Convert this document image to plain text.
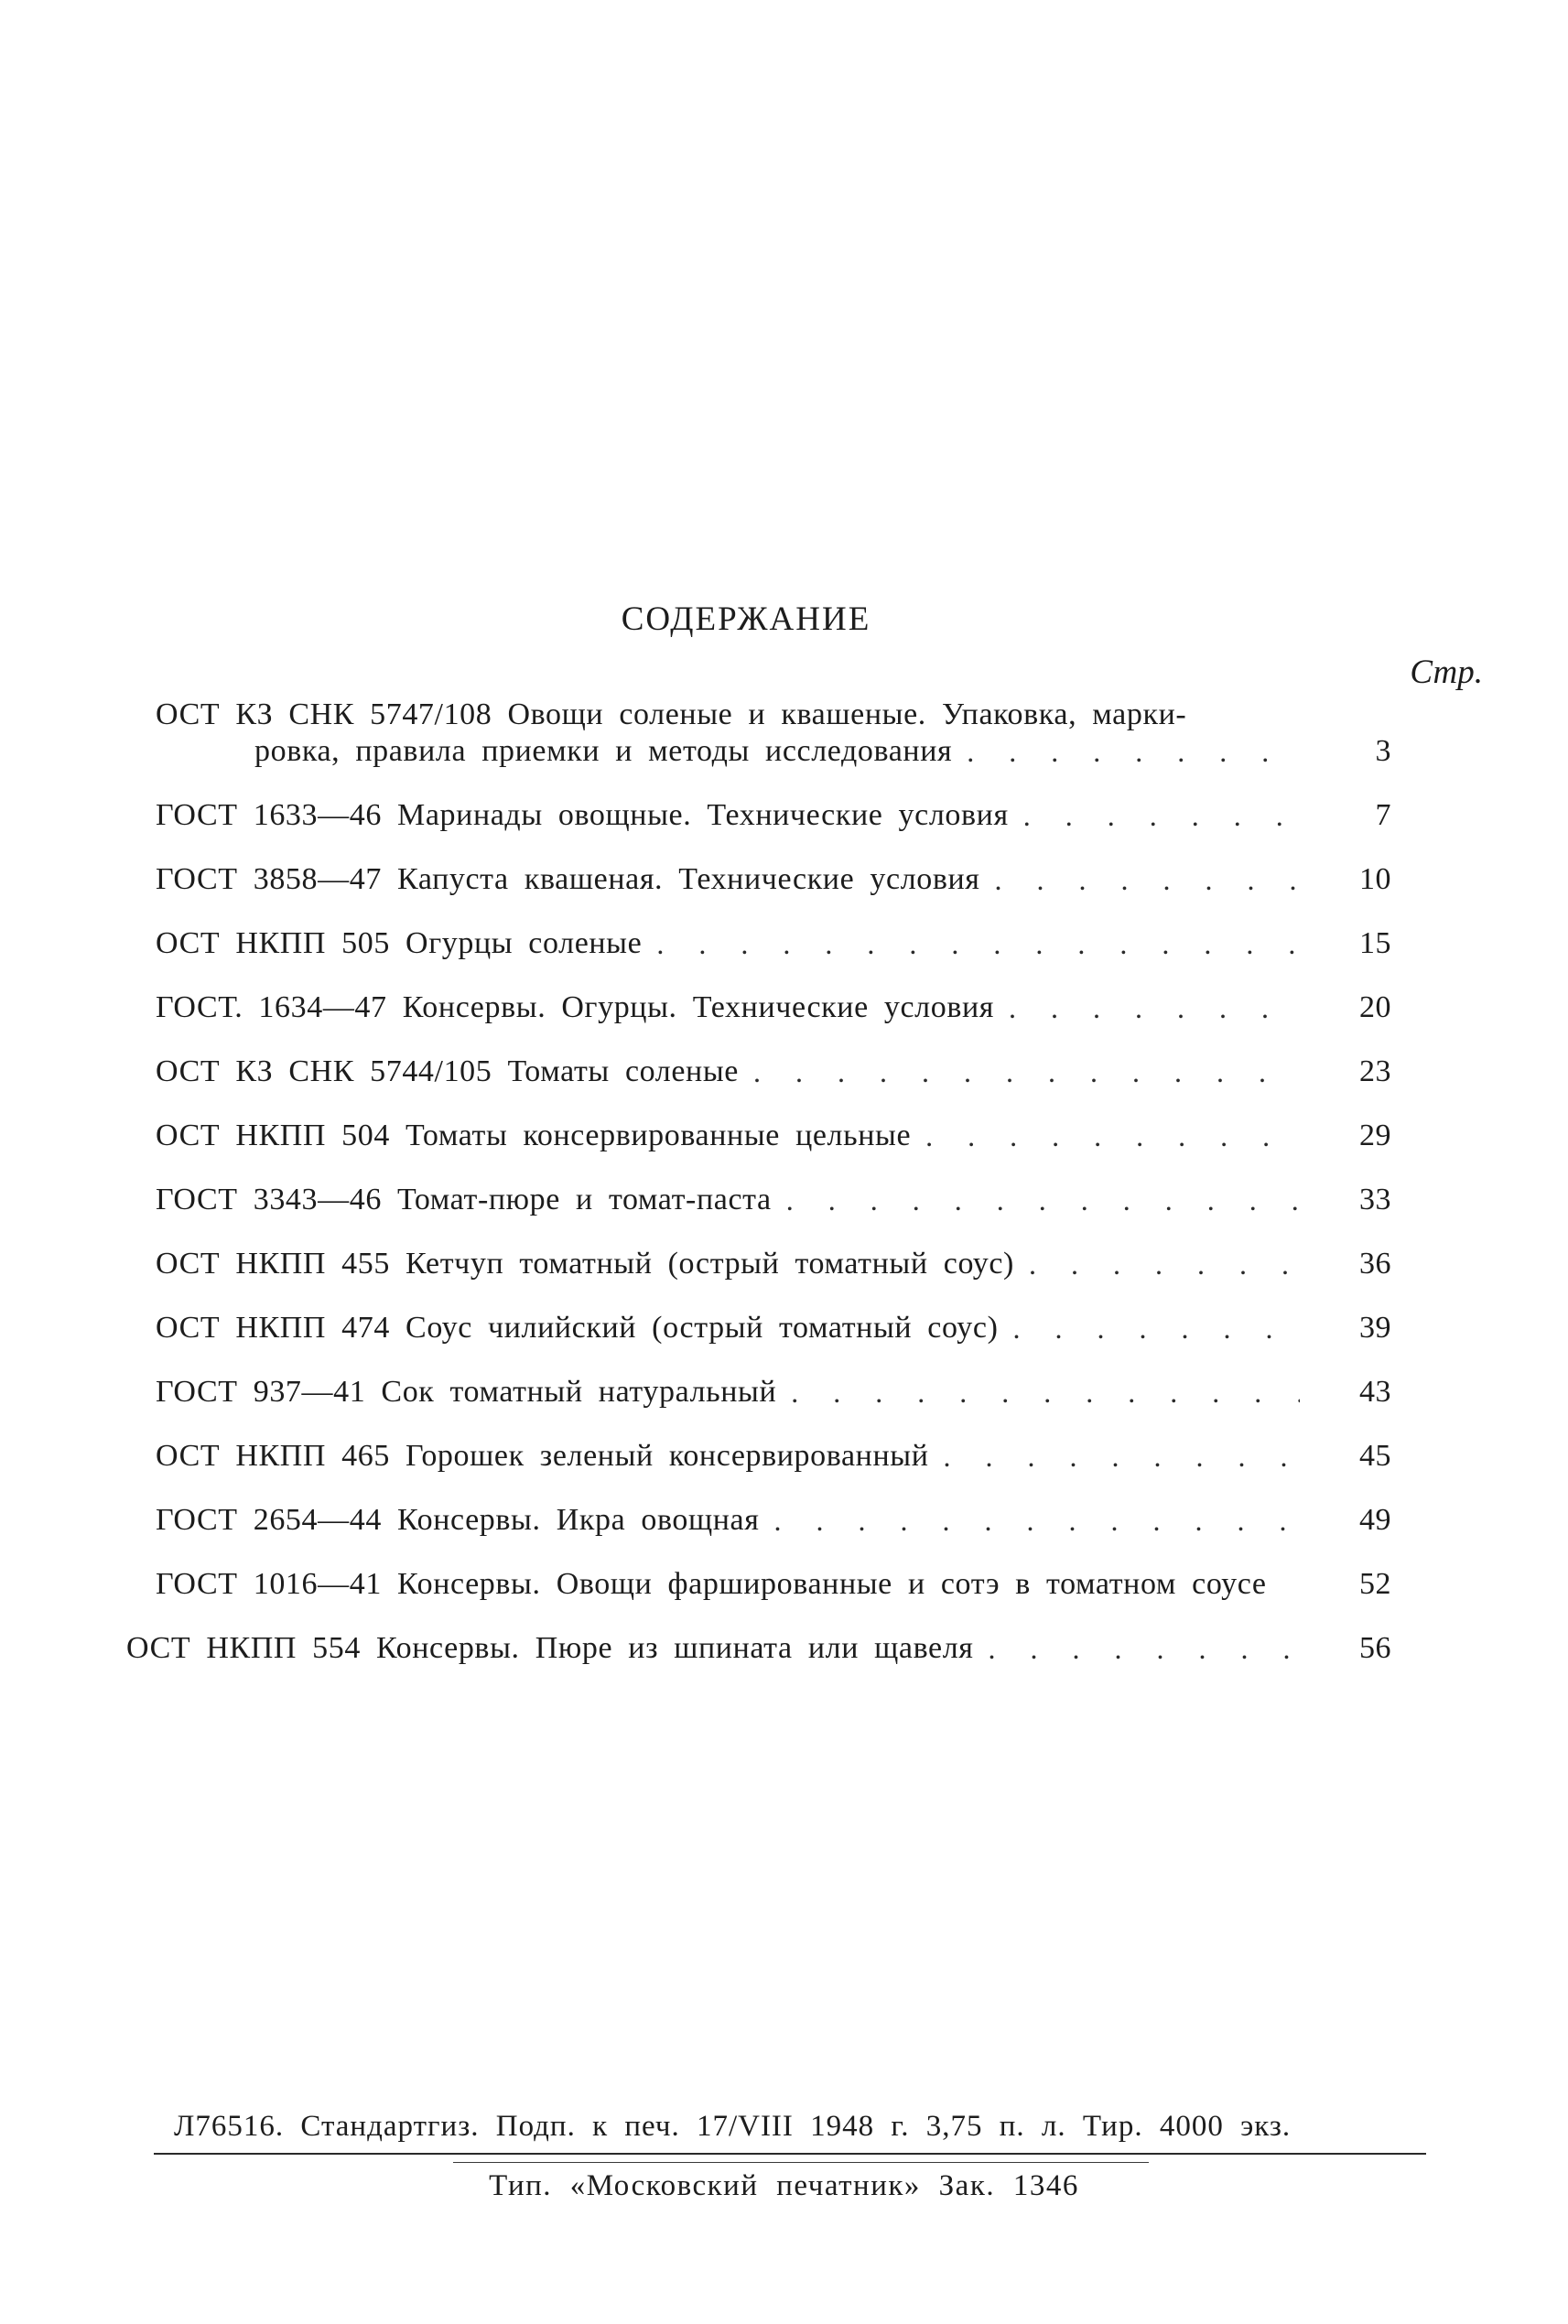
СОДЕРЖАНИЕ
Стр.
ОСТ КЗ СНК 5747/108 Овощи соленые и квашеные. Упаковка, марки-
ровка, правила приемки и методы исследования . . .	3
ГОСТ 1633—46 Маринады овощные. Технические условия . . .	7
ГОСТ 3858—47 Капуста квашеная. Технические условия . . .	10
ОСТ НКПП 505 Огурцы соленые . . .	15
ГОСТ. 1634—47 Консервы. Огурцы. Технические условия . . .	20
ОСТ КЗ СНК 5744/105 Томаты соленые . . .	23
ОСТ НКПП 504 Томаты консервированные цельные . . .	29
ГОСТ 3343—46 Томат-пюре и томат-паста . . .	33
ОСТ НКПП 455 Кетчуп томатный (острый томатный соус) . . .	36
ОСТ НКПП 474 Соус чилийский (острый томатный соус) . . .	39
ГОСТ 937—41 Сок томатный натуральный . . .	43
ОСТ НКПП 465 Горошек зеленый консервированный . . .	45
ГОСТ 2654—44 Консервы. Икра овощная . . .	49
ГОСТ 1016—41 Консервы. Овощи фаршированные и сотэ в томатном соусе	52
ОСТ НКПП 554 Консервы. Пюре из шпината или щавеля . . .	56
Л76516. Стандартгиз. Подп. к печ. 17/VIII 1948 г. 3,75 п. л. Тир. 4000 экз.
Тип. «Московский печатник» Зак. 1346
